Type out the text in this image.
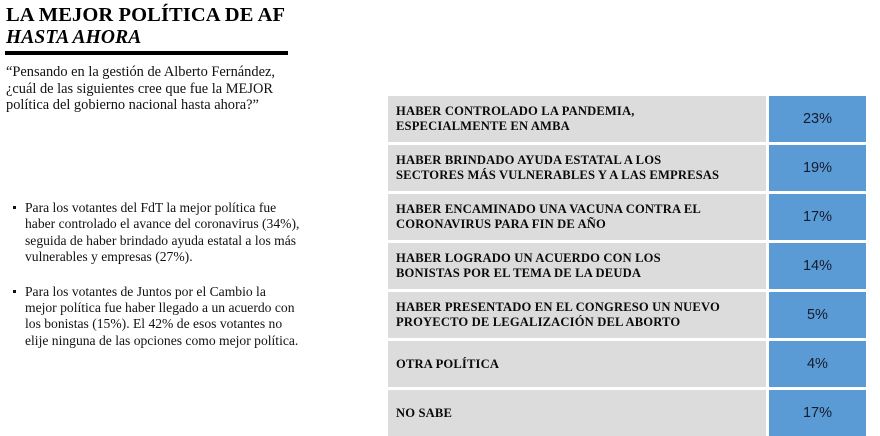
LA MEJOR POLÍTICA DE AF
HASTA AHORA
“Pensando en la gestión de Alberto Fernández, ¿cuál de las siguientes cree que fue la MEJOR política del gobierno nacional hasta ahora?”
Para los votantes del FdT la mejor política fue haber controlado el avance del coronavirus (34%), seguida de haber brindado ayuda estatal a los más vulnerables y empresas (27%).
Para los votantes de Juntos por el Cambio la mejor política fue haber llegado a un acuerdo con los bonistas (15%). El 42% de esos votantes no elije ninguna de las opciones como mejor política.
HABER CONTROLADO LA PANDEMIA,
ESPECIALMENTE EN AMBA		23%

HABER BRINDADO AYUDA ESTATAL A LOS
SECTORES MÁS VULNERABLES Y A LAS EMPRESAS		19%

HABER ENCAMINADO UNA VACUNA CONTRA EL
CORONAVIRUS PARA FIN DE AÑO		17%

HABER LOGRADO UN ACUERDO CON LOS
BONISTAS POR EL TEMA DE LA DEUDA		14%

HABER PRESENTADO EN EL CONGRESO UN NUEVO
PROYECTO DE LEGALIZACIÓN DEL ABORTO		5%

OTRA POLÍTICA		4%

NO SABE		17%
